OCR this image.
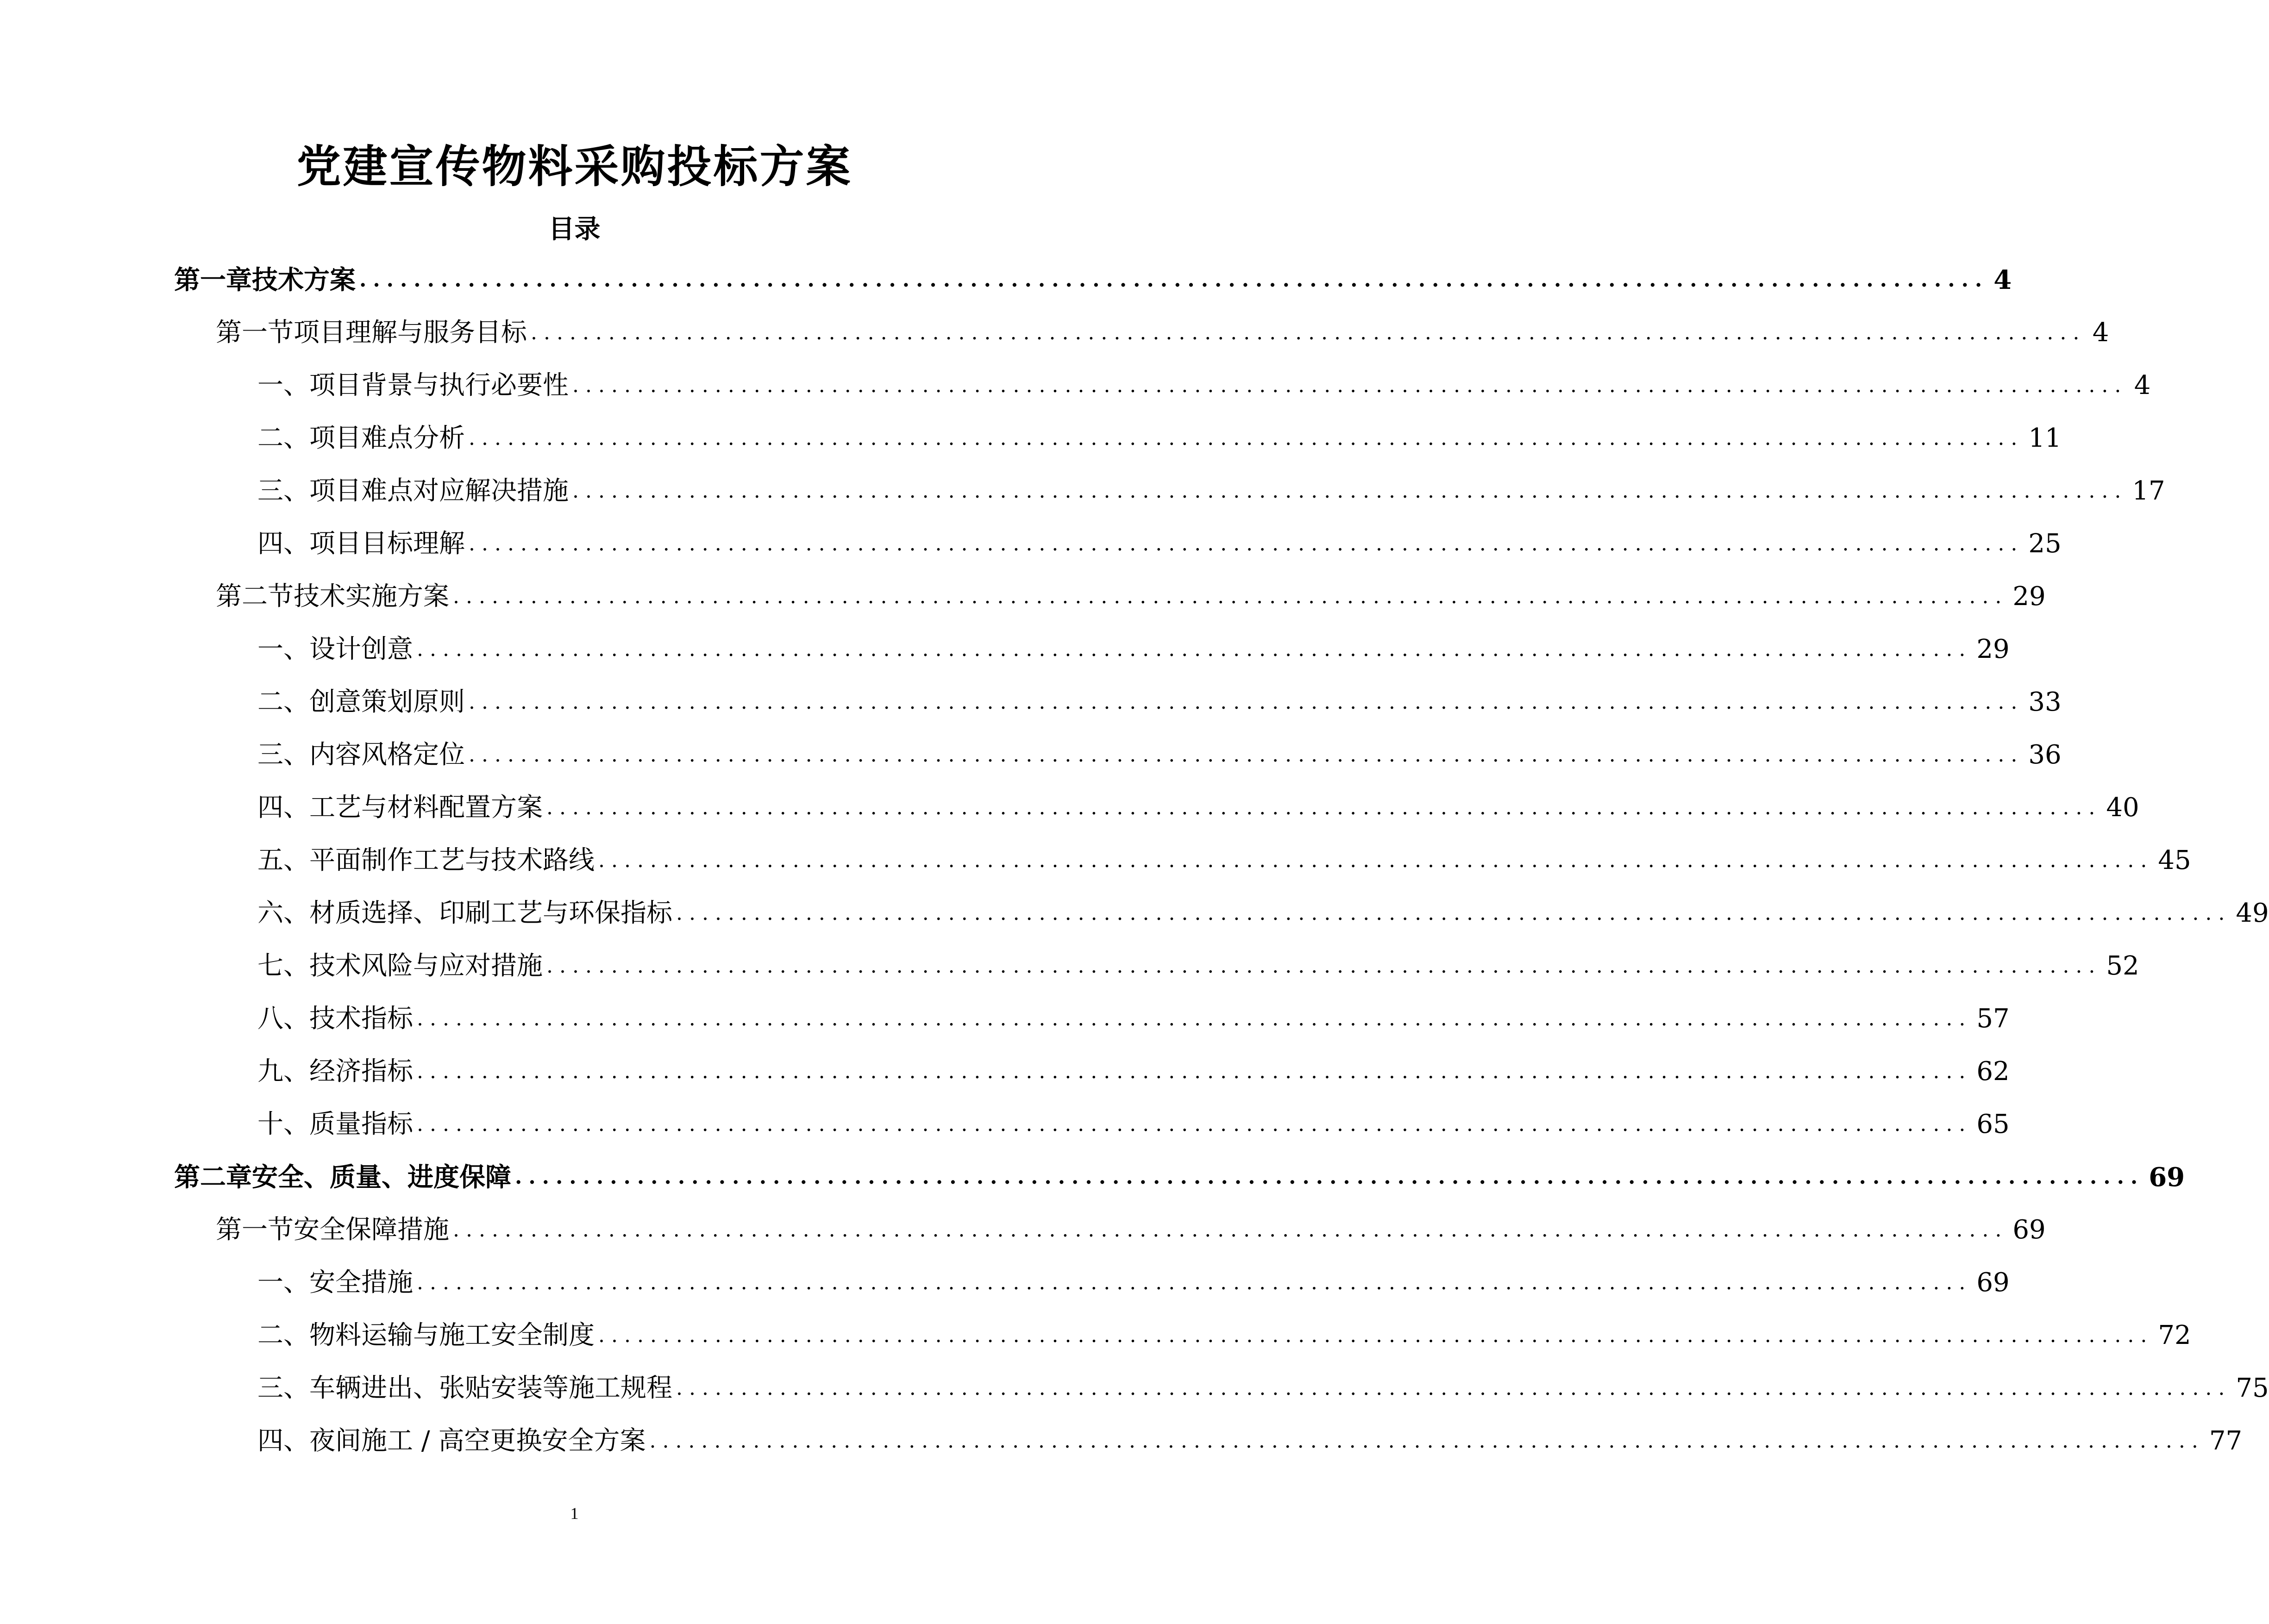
党建宣传物料采购投标方案
目录
第一章 技术方案 ........................................................................................................................ 4
第一节 项目理解与服务目标 ........................................................................................................................ 4
一、 项目背景与执行必要性 ........................................................................................................................ 4
二、 项目难点分析 ........................................................................................................................ 11
三、 项目难点对应解决措施 ........................................................................................................................ 17
四、 项目目标理解 ........................................................................................................................ 25
第二节 技术实施方案 ........................................................................................................................ 29
一、 设计创意 ........................................................................................................................ 29
二、 创意策划原则 ........................................................................................................................ 33
三、 内容风格定位 ........................................................................................................................ 36
四、 工艺与材料配置方案 ........................................................................................................................ 40
五、 平面制作工艺与技术路线 ........................................................................................................................ 45
六、 材质选择、印刷工艺与环保指标 ........................................................................................................................ 49
七、 技术风险与应对措施 ........................................................................................................................ 52
八、 技术指标 ........................................................................................................................ 57
九、 经济指标 ........................................................................................................................ 62
十、 质量指标 ........................................................................................................................ 65
第二章 安全、质量、进度保障 ........................................................................................................................ 69
第一节 安全保障措施 ........................................................................................................................ 69
一、 安全措施 ........................................................................................................................ 69
二、 物料运输与施工安全制度 ........................................................................................................................ 72
三、 车辆进出、张贴安装等施工规程 ........................................................................................................................ 75
四、 夜间施工 / 高空更换安全方案 ........................................................................................................................ 77
1
